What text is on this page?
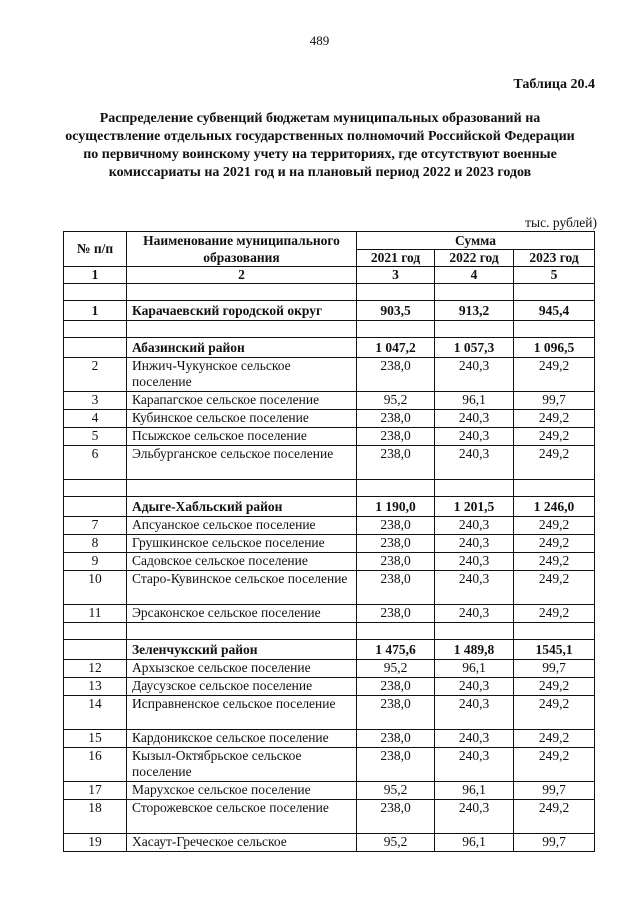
489
Таблица 20.4
Распределение субвенций бюджетам муниципальных образований на осуществление отдельных государственных полномочий Российской Федерации по первичному воинскому учету на территориях, где отсутствуют военные комиссариаты на 2021 год и на плановый период 2022 и 2023 годов
тыс. рублей)
№ п/п	Наименование муниципального образования	Сумма		
		2021 год	2022 год	2023 год
1	2	3	4	5

1	Карачаевский городской округ	903,5	913,2	945,4

	Абазинский район	1 047,2	1 057,3	1 096,5
2	Инжич-Чукунское сельское поселение	238,0	240,3	249,2
3	Карапагское сельское поселение	95,2	96,1	99,7
4	Кубинское сельское поселение	238,0	240,3	249,2
5	Псыжское сельское поселение	238,0	240,3	249,2
6	Эльбурганское сельское поселение	238,0	240,3	249,2

	Адыге-Хабльский район	1 190,0	1 201,5	1 246,0
7	Апсуанское сельское поселение	238,0	240,3	249,2
8	Грушкинское сельское поселение	238,0	240,3	249,2
9	Садовское сельское поселение	238,0	240,3	249,2
10	Старо-Кувинское сельское поселение	238,0	240,3	249,2
11	Эрсаконское сельское поселение	238,0	240,3	249,2

	Зеленчукский район	1 475,6	1 489,8	1545,1
12	Архызское сельское поселение	95,2	96,1	99,7
13	Даусузское сельское поселение	238,0	240,3	249,2
14	Исправненское сельское поселение	238,0	240,3	249,2
15	Кардоникское сельское поселение	238,0	240,3	249,2
16	Кызыл-Октябрьское сельское поселение	238,0	240,3	249,2
17	Марухское сельское поселение	95,2	96,1	99,7
18	Сторожевское сельское поселение	238,0	240,3	249,2
19	Хасаут-Греческое сельское	95,2	96,1	99,7
